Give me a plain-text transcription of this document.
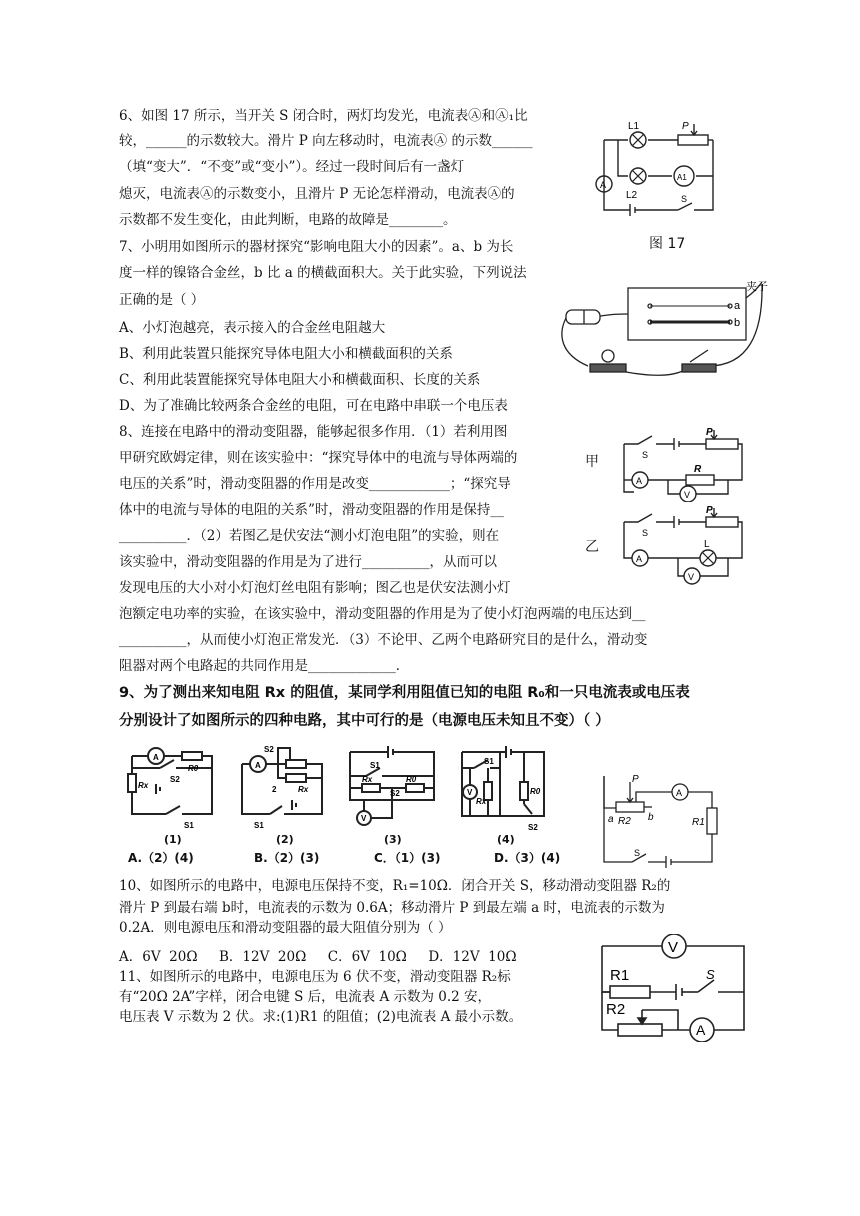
6、如图 17 所示，当开关 S 闭合时，两灯均发光，电流表Ⓐ和Ⓐ₁比
较，______的示数较大。滑片 P 向左移动时，电流表Ⓐ 的示数______
（填“变大”．“不变”或“变小”）。经过一段时间后有一盏灯
熄灭，电流表Ⓐ的示数变小，且滑片 P 无论怎样滑动，电流表Ⓐ的
示数都不发生变化，由此判断，电路的故障是________。
L1
L2
P
S
A
A1
图 17
7、小明用如图所示的器材探究“影响电阻大小的因素”。a、b 为长
度一样的镍铬合金丝，b 比 a 的横截面积大。关于此实验，下列说法
正确的是（ ）
A、小灯泡越亮，表示接入的合金丝电阻越大
B、利用此装置只能探究导体电阻大小和横截面积的关系
C、利用此装置能探究导体电阻大小和横截面积、长度的关系
D、为了准确比较两条合金丝的电阻，可在电路中串联一个电压表
夹子
a
b
8、连接在电路中的滑动变阻器，能够起很多作用．（1）若利用图
甲研究欧姆定律，则在该实验中：“探究导体中的电流与导体两端的
电压的关系”时，滑动变阻器的作用是改变____________；“探究导
体中的电流与导体的电阻的关系”时，滑动变阻器的作用是保持__
__________．（2）若图乙是伏安法“测小灯泡电阻”的实验，则在
该实验中，滑动变阻器的作用是为了进行__________，从而可以
发现电压的大小对小灯泡灯丝电阻有影响；图乙也是伏安法测小灯
泡额定电功率的实验，在该实验中，滑动变阻器的作用是为了使小灯泡两端的电压达到__
__________，从而使小灯泡正常发光．（3）不论甲、乙两个电路研究目的是什么，滑动变
阻器对两个电路起的共同作用是_____________．
甲
乙
S
P
R
A
V
S
P
L
A
V
9、为了测出来知电阻 Rx 的阻值，某同学利用阻值已知的电阻 R₀和一只电流表或电压表
分别设计了如图所示的四种电路，其中可行的是（电源电压未知且不变）（ ）
A
R0
Rx
S2
S1
A
S2
2	Rx
S1
S1
Rx
S2
R0
V
S1
V
Rx
R0
S2
(1)	(2)	(3)	(4)
A.（2）(4)	B.（2）(3)	C．（1）(3)	D.（3）(4)
P
a	b
R2	R1
S
A
10、如图所示的电路中，电源电压保持不变，R₁=10Ω．闭合开关 S，移动滑动变阻器 R₂的
滑片 P 到最右端 b时，电流表的示数为 0.6A；移动滑片 P 到最左端 a 时，电流表的示数为
0.2A．则电源电压和滑动变阻器的最大阻值分别为（ ）
A．6V  20Ω     B．12V  20Ω     C．6V  10Ω     D．12V  10Ω
11、如图所示的电路中，电源电压为 6 伏不变，滑动变阻器 R₂标
有“20Ω 2A”字样，闭合电键 S 后，电流表 A 示数为 0.2 安，
电压表 V 示数为 2 伏。求:(1)R1 的阻值；(2)电流表 A 最小示数。
V
R1	S
R2
A
